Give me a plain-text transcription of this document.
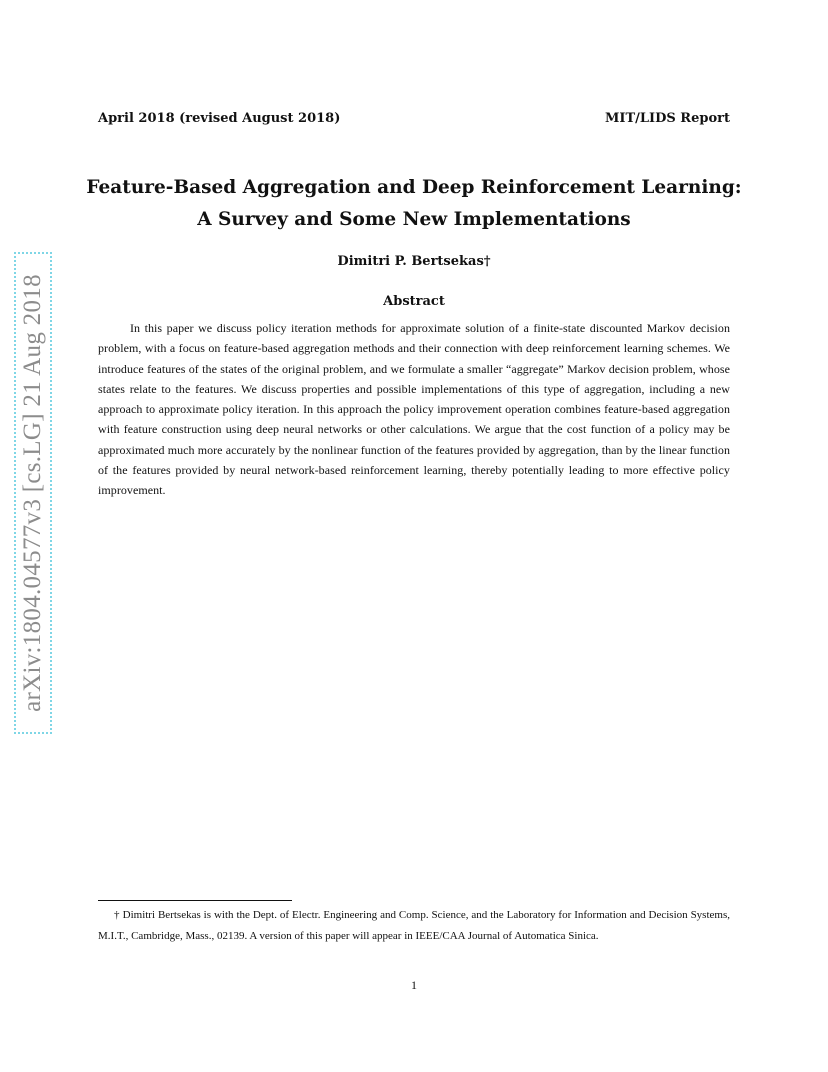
arXiv:1804.04577v3 [cs.LG] 21 Aug 2018
April 2018 (revised August 2018)	MIT/LIDS Report
Feature-Based Aggregation and Deep Reinforcement Learning:
A Survey and Some New Implementations
Dimitri P. Bertsekas†
Abstract
In this paper we discuss policy iteration methods for approximate solution of a finite-state discounted Markov decision problem, with a focus on feature-based aggregation methods and their connection with deep reinforcement learning schemes. We introduce features of the states of the original problem, and we formulate a smaller “aggregate” Markov decision problem, whose states relate to the features. We discuss properties and possible implementations of this type of aggregation, including a new approach to approximate policy iteration. In this approach the policy improvement operation combines feature-based aggregation with feature construction using deep neural networks or other calculations. We argue that the cost function of a policy may be approximated much more accurately by the nonlinear function of the features provided by aggregation, than by the linear function of the features provided by neural network-based reinforcement learning, thereby potentially leading to more effective policy improvement.
† Dimitri Bertsekas is with the Dept. of Electr. Engineering and Comp. Science, and the Laboratory for Information and Decision Systems, M.I.T., Cambridge, Mass., 02139. A version of this paper will appear in IEEE/CAA Journal of Automatica Sinica.
1
